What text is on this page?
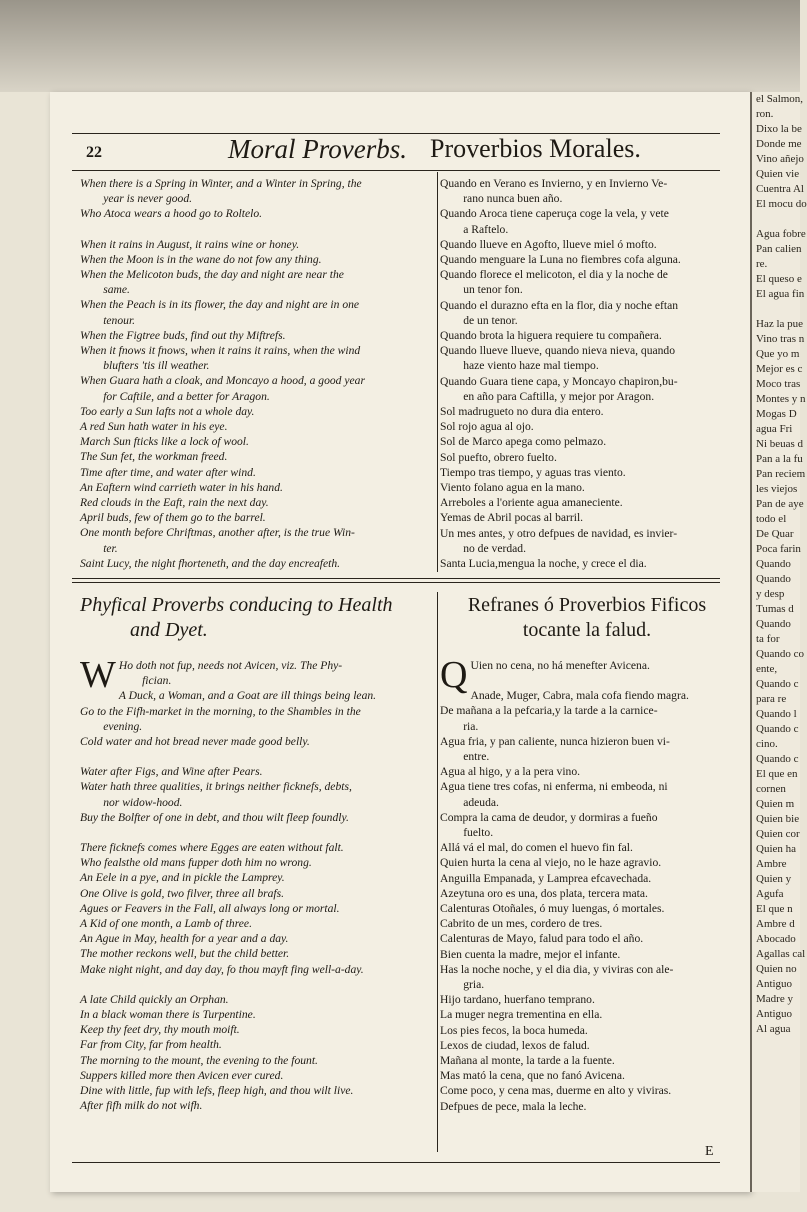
el Salmon,
ron.
Dixo la be
Donde me
Vino añejo
Quien vie
Cuentra Al
El mocu do

Agua fobre
Pan calien
re.
El queso e
El agua fin

Haz la pue
Vino tras n
Que yo m
Mejor es c
Moco tras
Montes y n
Mogas D
agua Fri
Ni beuas d
Pan a la fu
Pan reciem
les viejos
Pan de aye
todo el
De Quar
Poca farin
Quando
Quando
y desp
Tumas d
Quando
ta for
Quando co
ente,
Quando c
para re
Quando l
Quando c
cino.
Quando c
El que en
cornen
Quien m
Quien bie
Quien cor
Quien ha
Ambre
Quien y
Agufa
El que n
Ambre d
Abocado
Agallas cal
Quien no
Antiguo
Madre y
Antiguo
Al agua
22	Moral Proverbs. Proverbios Morales.

When there is a Spring in Winter, and a Winter in Spring, the

  year is never good.

Who Atoca wears a hood go to Roltelo.

When it rains in August, it rains wine or honey.

When the Moon is in the wane do not fow any thing.

When the Melicoton buds, the day and night are near the

  same.

When the Peach is in its flower, the day and night are in one

  tenour.

When the Figtree buds, find out thy Miftrefs.

When it fnows it fnows, when it rains it rains, when the wind

  blufters 'tis ill weather.

When Guara hath a cloak, and Moncayo a hood, a good year

  for Caftile, and a better for Aragon.

Too early a Sun lafts not a whole day.

A red Sun hath water in his eye.

March Sun fticks like a lock of wool.

The Sun fet, the workman freed.

Time after time, and water after wind.

An Eaftern wind carrieth water in his hand.

Red clouds in the Eaft, rain the next day.

April buds, few of them go to the barrel.

One month before Chriftmas, another after, is the true Win-

  ter.

Saint Lucy, the night fhorteneth, and the day encreafeth.

Quando en Verano es Invierno, y en Invierno Ve-

  rano nunca buen año.

Quando Aroca tiene caperuça coge la vela, y vete

  a Raftelo.

Quando llueve en Agofto, llueve miel ó mofto.

Quando menguare la Luna no fiembres cofa alguna.

Quando florece el melicoton, el dia y la noche de

  un tenor fon.

Quando el durazno efta en la flor, dia y noche eftan

  de un tenor.

Quando brota la higuera requiere tu compañera.

Quando llueve llueve, quando nieva nieva, quando

  haze viento haze mal tiempo.

Quando Guara tiene capa, y Moncayo chapiron,bu-

  en año para Caftilla, y mejor por Aragon.

Sol madrugueto no dura dia entero.

Sol rojo agua al ojo.

Sol de Marco apega como pelmazo.

Sol puefto, obrero fuelto.

Tiempo tras tiempo, y aguas tras viento.

Viento folano agua en la mano.

Arreboles a l'oriente agua amaneciente.

Yemas de Abril pocas al barril.

Un mes antes, y otro defpues de navidad, es invier-

  no de verdad.

Santa Lucia,mengua la noche, y crece el dia.

Phyfical Proverbs conducing to Health
and Dyet.
Refranes ó Proverbios Fificos
tocante la falud.
W Ho doth not fup, needs not Avicen, viz. The Phy-

  fician.

A Duck, a Woman, and a Goat are ill things being lean.

Go to the Fifh-market in the morning, to the Shambles in the

  evening.

Cold water and hot bread never made good belly.

Water after Figs, and Wine after Pears.

Water hath three qualities, it brings neither ficknefs, debts,

  nor widow-hood.

Buy the Bolfter of one in debt, and thou wilt fleep foundly.

There ficknefs comes where Egges are eaten without falt.

Who fealsthe old mans fupper doth him no wrong.

An Eele in a pye, and in pickle the Lamprey.

One Olive is gold, two filver, three all brafs.

Agues or Feavers in the Fall, all always long or mortal.

A Kid of one month, a Lamb of three.

An Ague in May, health for a year and a day.

The mother reckons well, but the child better.

Make night night, and day day, fo thou mayft fing well-a-day.

A late Child quickly an Orphan.

In a black woman there is Turpentine.

Keep thy feet dry, thy mouth moift.

Far from City, far from health.

The morning to the mount, the evening to the fount.

Suppers killed more then Avicen ever cured.

Dine with little, fup with lefs, fleep high, and thou wilt live.

After fifh milk do not wifh.

Q Uien no cena, no há menefter Avicena.

Anade, Muger, Cabra, mala cofa fiendo magra.

De mañana a la pefcaria,y la tarde a la carnice-

  ria.

Agua fria, y pan caliente, nunca hizieron buen vi-

  entre.

Agua al higo, y a la pera vino.

Agua tiene tres cofas, ni enferma, ni embeoda, ni

  adeuda.

Compra la cama de deudor, y dormiras a fueño

  fuelto.

Allá vá el mal, do comen el huevo fin fal.

Quien hurta la cena al viejo, no le haze agravio.

Anguilla Empanada, y Lamprea efcavechada.

Azeytuna oro es una, dos plata, tercera mata.

Calenturas Otoñales, ó muy luengas, ó mortales.

Cabrito de un mes, cordero de tres.

Calenturas de Mayo, falud para todo el año.

Bien cuenta la madre, mejor el infante.

Has la noche noche, y el dia dia, y viviras con ale-

  gria.

Hijo tardano, huerfano temprano.

La muger negra trementina en ella.

Los pies fecos, la boca humeda.

Lexos de ciudad, lexos de falud.

Mañana al monte, la tarde a la fuente.

Mas mató la cena, que no fanó Avicena.

Come poco, y cena mas, duerme en alto y viviras.

Defpues de pece, mala la leche.

E
